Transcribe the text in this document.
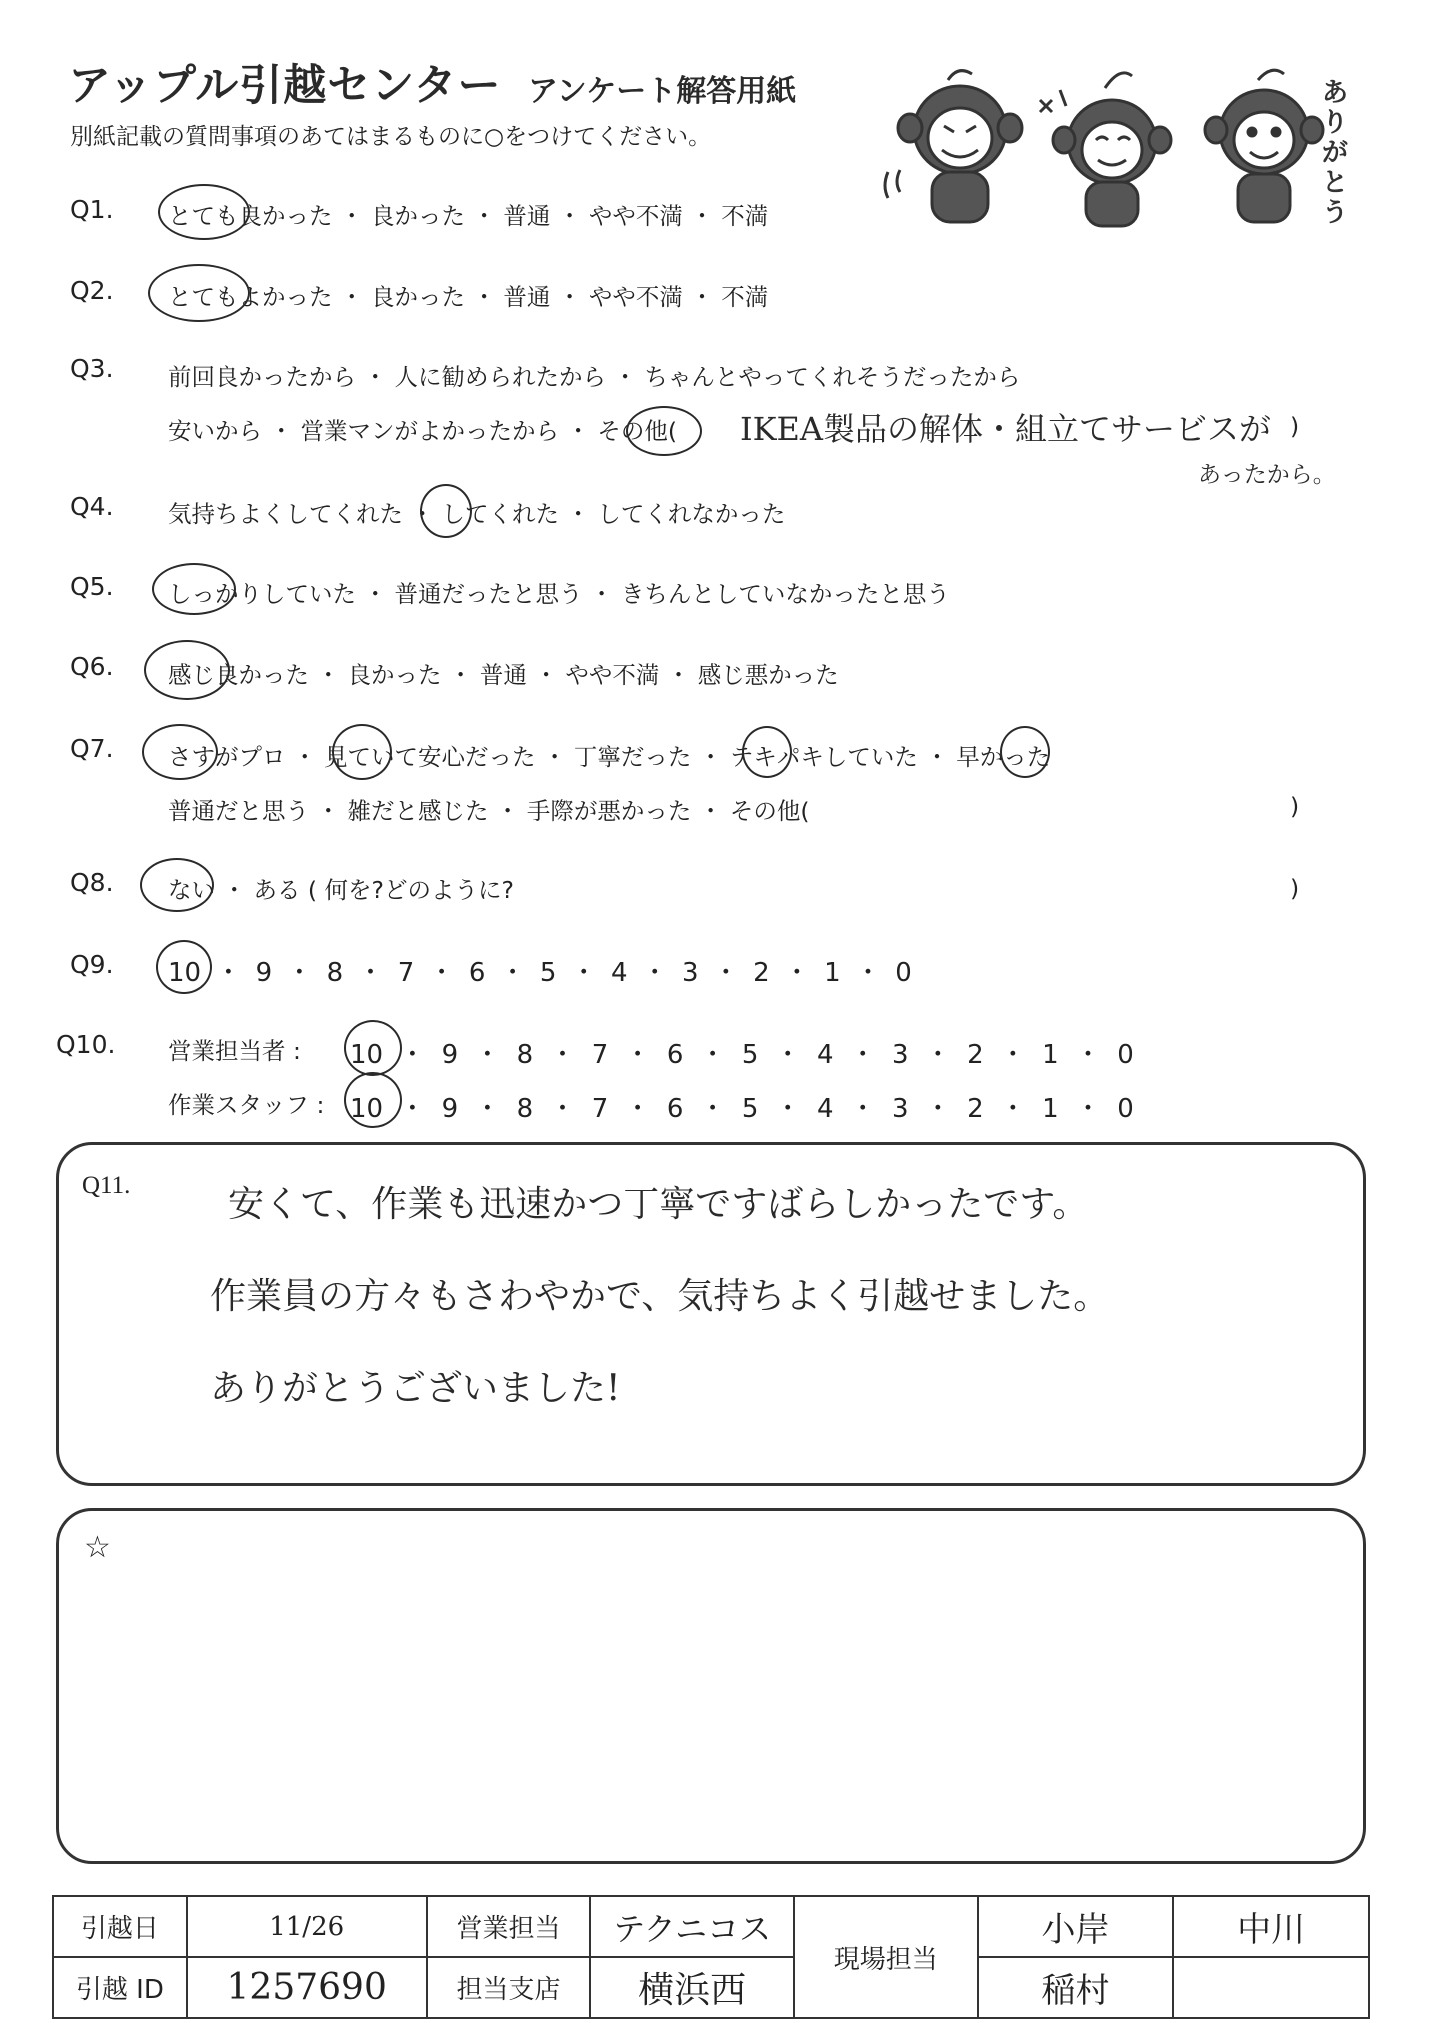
アップル引越センター アンケート解答用紙
別紙記載の質問事項のあてはまるものに○をつけてください。
ありがとう
Q1. とても良かった ・ 良かった ・ 普通 ・ やや不満 ・ 不満
Q2. とてもよかった ・ 良かった ・ 普通 ・ やや不満 ・ 不満
Q3. 前回良かったから ・ 人に勧められたから ・ ちゃんとやってくれそうだったから
安いから ・ 営業マンがよかったから ・ その他( IKEA製品の解体・組立てサービスが )
あったから。
Q4. 気持ちよくしてくれた ・ してくれた ・ してくれなかった
Q5. しっかりしていた ・ 普通だったと思う ・ きちんとしていなかったと思う
Q6. 感じ良かった ・ 良かった ・ 普通 ・ やや不満 ・ 感じ悪かった
Q7. さすがプロ ・ 見ていて安心だった ・ 丁寧だった ・ テキパキしていた ・ 早かった
普通だと思う ・ 雑だと感じた ・ 手際が悪かった ・ その他(	)
Q8. ない ・ ある ( 何を?どのように?	)
Q9. 10 ・ 9 ・ 8 ・ 7 ・ 6 ・ 5 ・ 4 ・ 3 ・ 2 ・ 1 ・ 0
Q10. 営業担当者 : 10 ・ 9 ・ 8 ・ 7 ・ 6 ・ 5 ・ 4 ・ 3 ・ 2 ・ 1 ・ 0
作業スタッフ : 10 ・ 9 ・ 8 ・ 7 ・ 6 ・ 5 ・ 4 ・ 3 ・ 2 ・ 1 ・ 0
Q11.	安くて、作業も迅速かつ丁寧ですばらしかったです。
作業員の方々もさわやかで、気持ちよく引越せました。
ありがとうございました!
☆
引越日	11/26	営業担当	テクニコス	現場担当	小岸	中川
引越 ID	1257690	担当支店	横浜西		稲村	
